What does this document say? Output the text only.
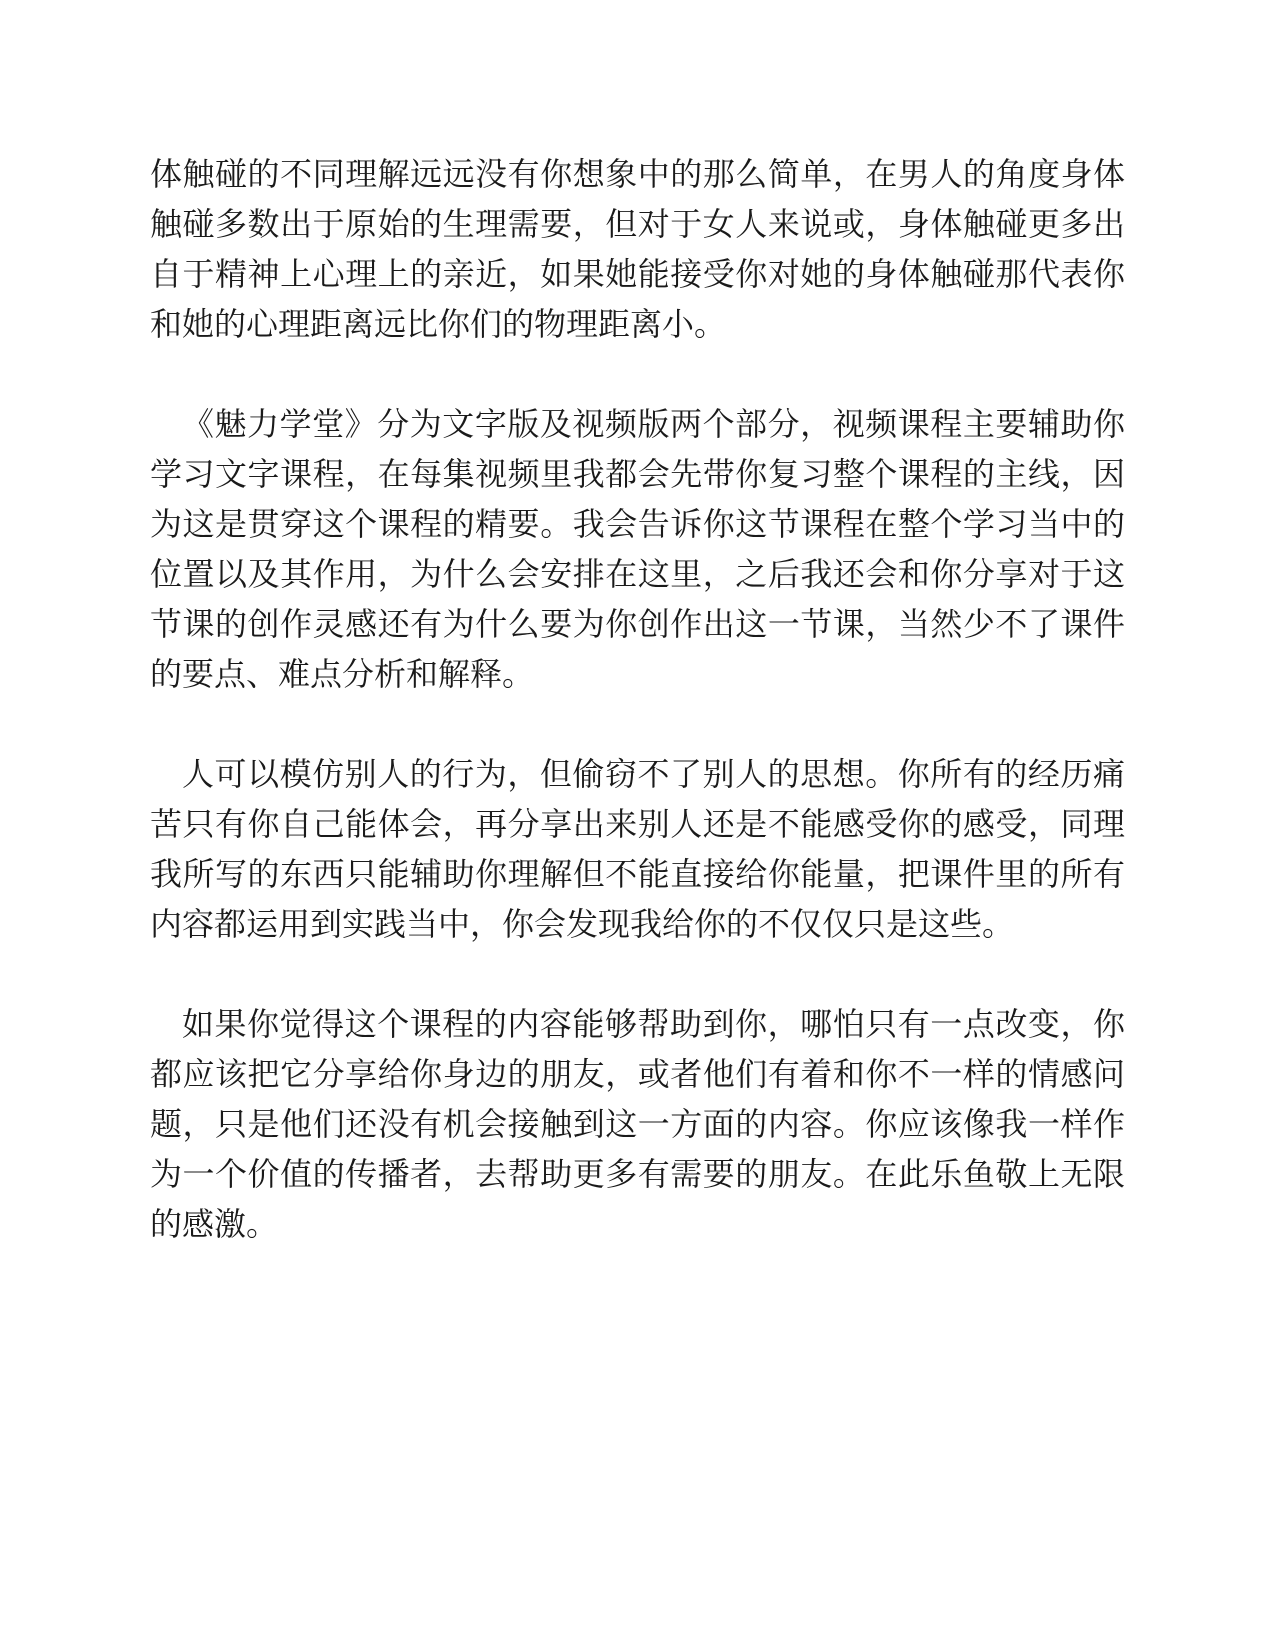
体触碰的不同理解远远没有你想象中的那么简单，在男人的角度身体触碰多数出于原始的生理需要，但对于女人来说或，身体触碰更多出自于精神上心理上的亲近，如果她能接受你对她的身体触碰那代表你和她的心理距离远比你们的物理距离小。

《魅力学堂》分为文字版及视频版两个部分，视频课程主要辅助你学习文字课程，在每集视频里我都会先带你复习整个课程的主线，因为这是贯穿这个课程的精要。我会告诉你这节课程在整个学习当中的位置以及其作用，为什么会安排在这里，之后我还会和你分享对于这节课的创作灵感还有为什么要为你创作出这一节课，当然少不了课件的要点、难点分析和解释。

人可以模仿别人的行为，但偷窃不了别人的思想。你所有的经历痛苦只有你自己能体会，再分享出来别人还是不能感受你的感受，同理我所写的东西只能辅助你理解但不能直接给你能量，把课件里的所有内容都运用到实践当中，你会发现我给你的不仅仅只是这些。

如果你觉得这个课程的内容能够帮助到你，哪怕只有一点改变，你都应该把它分享给你身边的朋友，或者他们有着和你不一样的情感问题，只是他们还没有机会接触到这一方面的内容。你应该像我一样作为一个价值的传播者，去帮助更多有需要的朋友。在此乐鱼敬上无限的感激。
